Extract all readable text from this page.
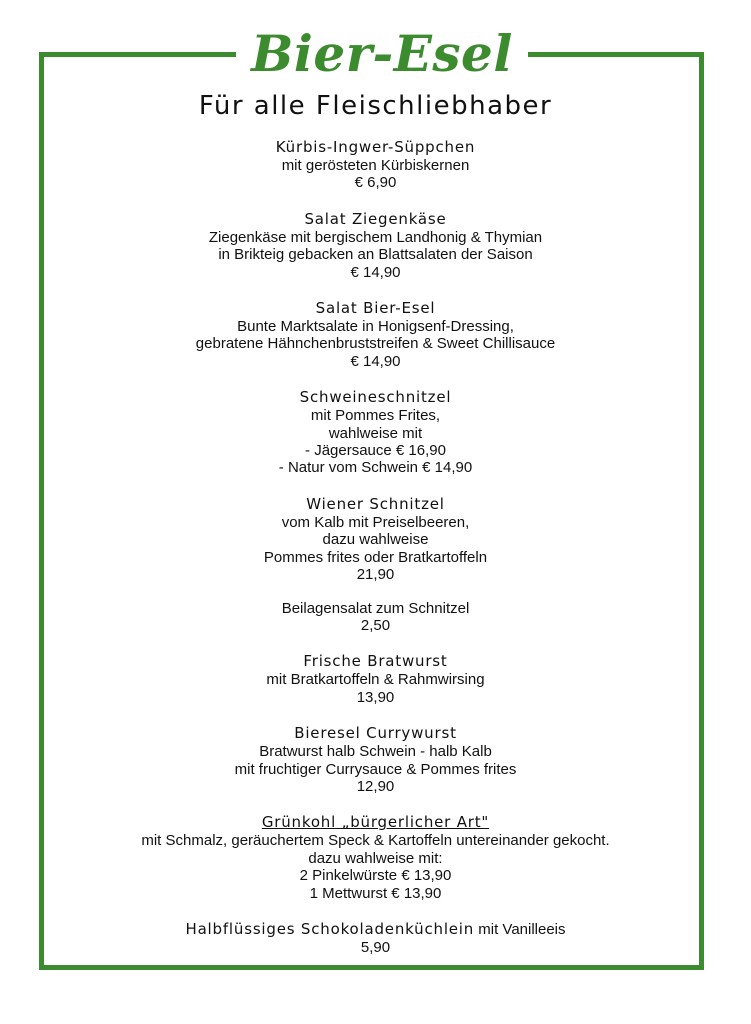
Bier-Esel
Für alle Fleischliebhaber

Kürbis-Ingwer-Süppchen

mit gerösteten Kürbiskernen

€ 6,90

Salat Ziegenkäse

Ziegenkäse mit bergischem Landhonig & Thymian

in Brikteig gebacken an Blattsalaten der Saison

€ 14,90

Salat Bier-Esel

Bunte Marktsalate in Honigsenf-Dressing,

gebratene Hähnchenbruststreifen & Sweet Chillisauce

€ 14,90

Schweineschnitzel

mit Pommes Frites,

wahlweise mit

- Jägersauce € 16,90

- Natur vom Schwein € 14,90

Wiener Schnitzel

vom Kalb mit Preiselbeeren,

dazu wahlweise

Pommes frites oder Bratkartoffeln

21,90

Beilagensalat zum Schnitzel

2,50

Frische Bratwurst

mit Bratkartoffeln & Rahmwirsing

13,90

Bieresel Currywurst

Bratwurst halb Schwein - halb Kalb

mit fruchtiger Currysauce & Pommes frites

12,90

Grünkohl „bürgerlicher Art"

mit Schmalz, geräuchertem Speck & Kartoffeln untereinander gekocht.

dazu wahlweise mit:

2 Pinkelwürste € 13,90

1 Mettwurst € 13,90

Halbflüssiges Schokoladenküchlein mit Vanilleeis

5,90
